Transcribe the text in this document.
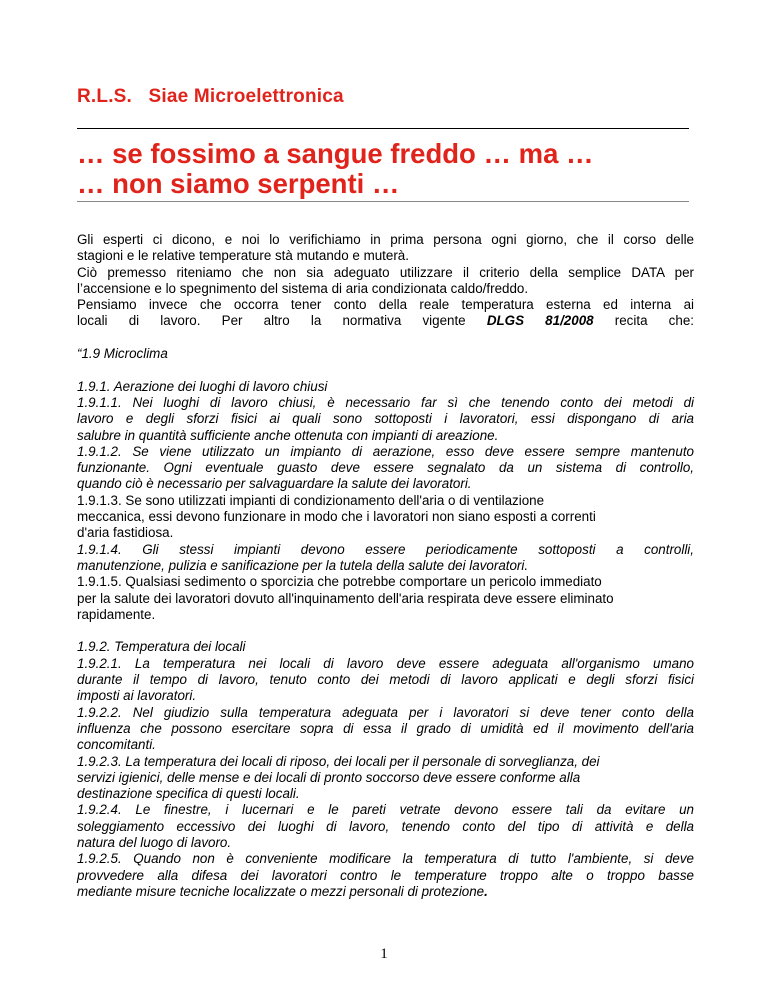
R.L.S.   Siae Microelettronica
… se fossimo a sangue freddo … ma …
… non siamo serpenti …

Gli esperti ci dicono, e noi lo verifichiamo in prima persona ogni giorno, che il corso delle

stagioni e le relative temperature stà mutando e muterà.

Ciò premesso riteniamo che non sia adeguato utilizzare il criterio della semplice DATA per

l’accensione e lo spegnimento del sistema di aria condizionata caldo/freddo.

Pensiamo invece che occorra tener conto della reale temperatura esterna ed interna ai

locali di lavoro. Per altro la normativa vigente DLGS 81/2008 recita che:

“1.9 Microclima

1.9.1. Aerazione dei luoghi di lavoro chiusi

1.9.1.1. Nei luoghi di lavoro chiusi, è necessario far sì che tenendo conto dei metodi di

lavoro e degli sforzi fisici ai quali sono sottoposti i lavoratori, essi dispongano di aria

salubre in quantità sufficiente anche ottenuta con impianti di areazione.

1.9.1.2. Se viene utilizzato un impianto di aerazione, esso deve essere sempre mantenuto

funzionante. Ogni eventuale guasto deve essere segnalato da un sistema di controllo,

quando ciò è necessario per salvaguardare la salute dei lavoratori.

1.9.1.3. Se sono utilizzati impianti di condizionamento dell'aria o di ventilazione

meccanica, essi devono funzionare in modo che i lavoratori non siano esposti a correnti

d'aria fastidiosa.

1.9.1.4. Gli stessi impianti devono essere periodicamente sottoposti a controlli,

manutenzione, pulizia e sanificazione per la tutela della salute dei lavoratori.

1.9.1.5. Qualsiasi sedimento o sporcizia che potrebbe comportare un pericolo immediato

per la salute dei lavoratori dovuto all'inquinamento dell'aria respirata deve essere eliminato

rapidamente.

1.9.2. Temperatura dei locali

1.9.2.1. La temperatura nei locali di lavoro deve essere adeguata all'organismo umano

durante il tempo di lavoro, tenuto conto dei metodi di lavoro applicati e degli sforzi fisici

imposti ai lavoratori.

1.9.2.2. Nel giudizio sulla temperatura adeguata per i lavoratori si deve tener conto della

influenza che possono esercitare sopra di essa il grado di umidità ed il movimento dell'aria

concomitanti.

1.9.2.3. La temperatura dei locali di riposo, dei locali per il personale di sorveglianza, dei

servizi igienici, delle mense e dei locali di pronto soccorso deve essere conforme alla

destinazione specifica di questi locali.

1.9.2.4. Le finestre, i lucernari e le pareti vetrate devono essere tali da evitare un

soleggiamento eccessivo dei luoghi di lavoro, tenendo conto del tipo di attività e della

natura del luogo di lavoro.

1.9.2.5. Quando non è conveniente modificare la temperatura di tutto l'ambiente, si deve

provvedere alla difesa dei lavoratori contro le temperature troppo alte o troppo basse

mediante misure tecniche localizzate o mezzi personali di protezione.

1
